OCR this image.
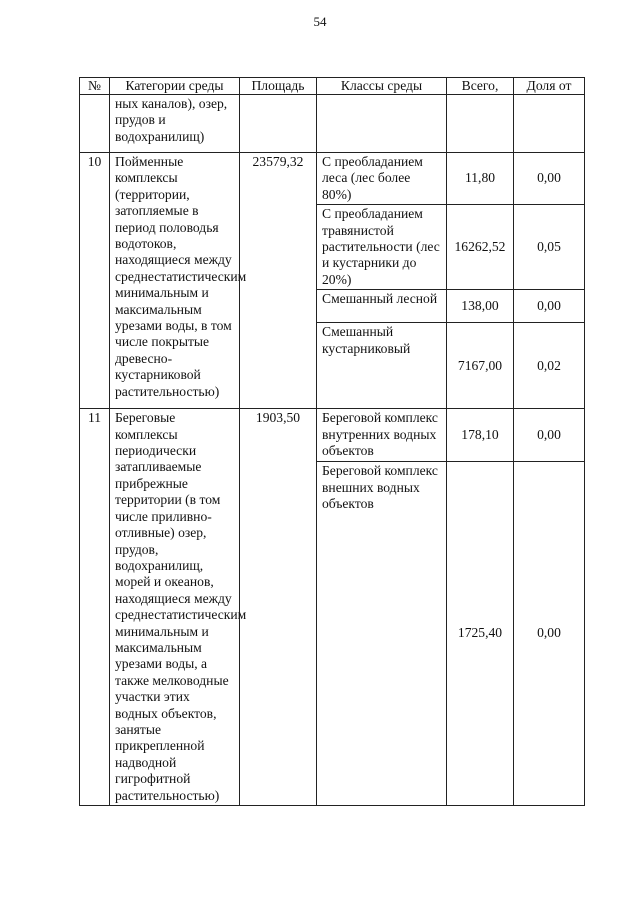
54
№	Категории среды	Площадь	Классы среды	Всего,	Доля от
	ных каналов), озер, прудов и водохранилищ)				
10	Пойменные комплексы (территории, затопляемые в период половодья водотоков, находящиеся между среднестатистическим минимальным и максимальным урезами воды, в том числе покрытые древесно-кустарниковой растительностью)	23579,32	С преобладанием леса (лес более 80%)	11,80	0,00
			С преобладанием травянистой растительности (лес и кустарники до 20%)	16262,52	0,05
			Смешанный лесной	138,00	0,00
			Смешанный кустарниковый	7167,00	0,02
11	Береговые комплексы периодически затапливаемые прибрежные территории (в том числе приливно-отливные) озер, прудов, водохранилищ, морей и океанов, находящиеся между среднестатистическим минимальным и максимальным урезами воды, а также мелководные участки этих водных объектов, занятые прикрепленной надводной гигрофитной растительностью)	1903,50	Береговой комплекс внутренних водных объектов	178,10	0,00
			Береговой комплекс внешних водных объектов	1725,40	0,00
